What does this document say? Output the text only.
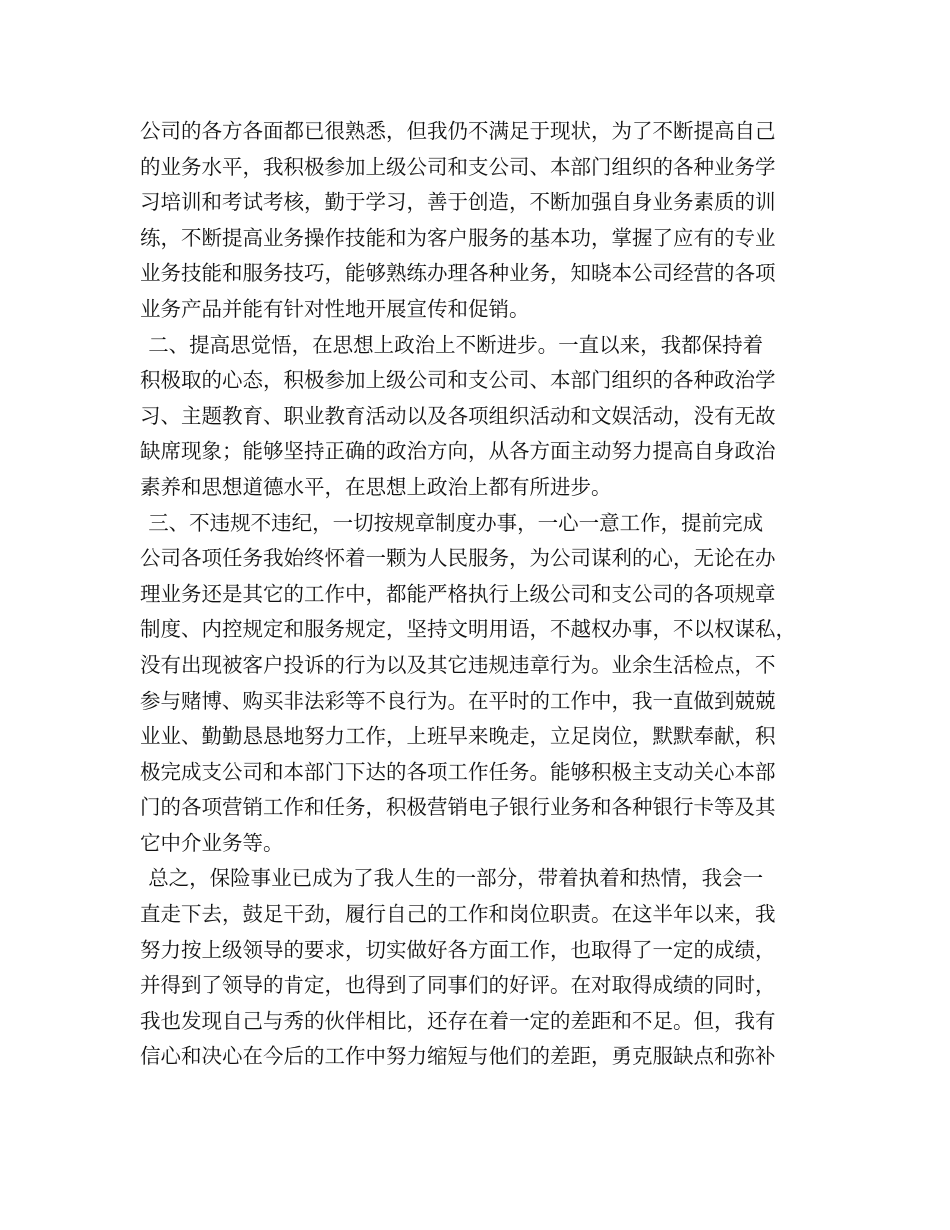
公司的各方各面都已很熟悉，但我仍不满足于现状，为了不断提高自己
的业务水平，我积极参加上级公司和支公司、本部门组织的各种业务学
习培训和考试考核，勤于学习，善于创造，不断加强自身业务素质的训
练，不断提高业务操作技能和为客户服务的基本功，掌握了应有的专业
业务技能和服务技巧，能够熟练办理各种业务，知晓本公司经营的各项
业务产品并能有针对性地开展宣传和促销。
二、提高思觉悟，在思想上政治上不断进步。一直以来，我都保持着
积极取的心态，积极参加上级公司和支公司、本部门组织的各种政治学
习、主题教育、职业教育活动以及各项组织活动和文娱活动，没有无故
缺席现象；能够坚持正确的政治方向，从各方面主动努力提高自身政治
素养和思想道德水平，在思想上政治上都有所进步。
三、不违规不违纪，一切按规章制度办事，一心一意工作，提前完成
公司各项任务我始终怀着一颗为人民服务，为公司谋利的心，无论在办
理业务还是其它的工作中，都能严格执行上级公司和支公司的各项规章
制度、内控规定和服务规定，坚持文明用语，不越权办事，不以权谋私，
没有出现被客户投诉的行为以及其它违规违章行为。业余生活检点，不
参与赌博、购买非法彩等不良行为。在平时的工作中，我一直做到兢兢
业业、勤勤恳恳地努力工作，上班早来晚走，立足岗位，默默奉献，积
极完成支公司和本部门下达的各项工作任务。能够积极主支动关心本部
门的各项营销工作和任务，积极营销电子银行业务和各种银行卡等及其
它中介业务等。
总之，保险事业已成为了我人生的一部分，带着执着和热情，我会一
直走下去，鼓足干劲，履行自己的工作和岗位职责。在这半年以来，我
努力按上级领导的要求，切实做好各方面工作，也取得了一定的成绩，
并得到了领导的肯定，也得到了同事们的好评。在对取得成绩的同时，
我也发现自己与秀的伙伴相比，还存在着一定的差距和不足。但，我有
信心和决心在今后的工作中努力缩短与他们的差距，勇克服缺点和弥补
